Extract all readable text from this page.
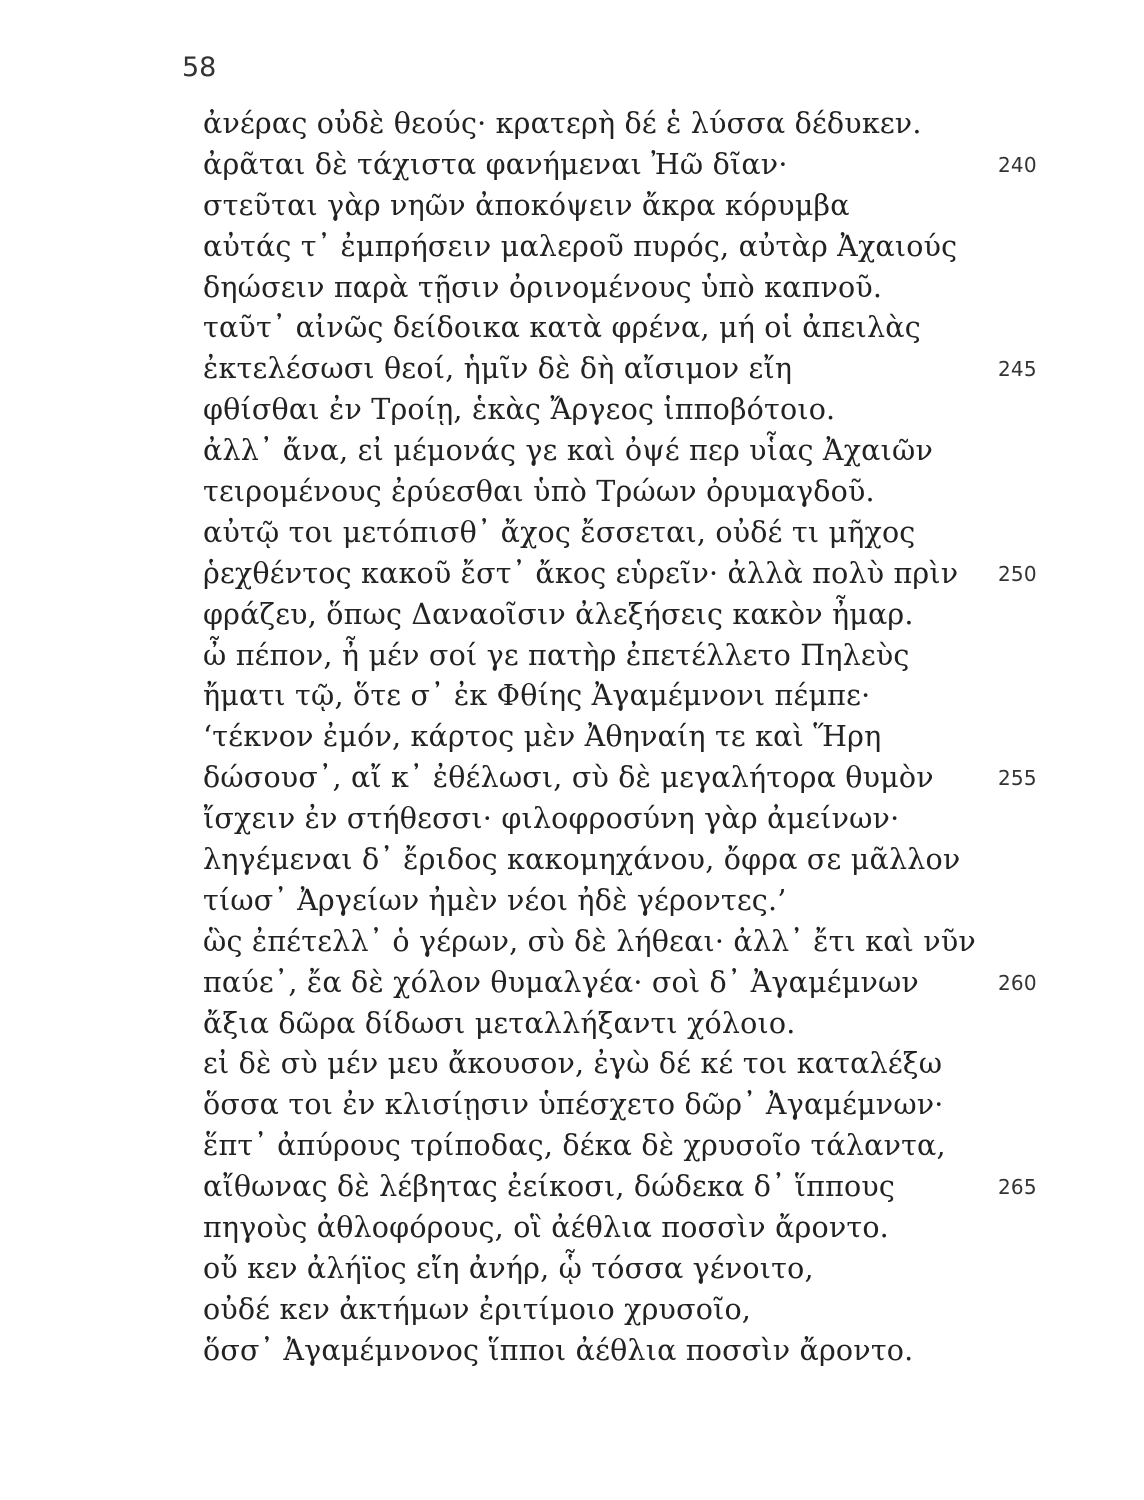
58
ἀνέρας οὐδὲ θεούς· κρατερὴ δέ ἑ λύσσα δέδυκεν.
ἀρᾶται δὲ τάχιστα φανήμεναι Ἠῶ δῖαν·	240
στεῦται γὰρ νηῶν ἀποκόψειν ἄκρα κόρυμβα
αὐτάς τ᾽ ἐμπρήσειν μαλεροῦ πυρός, αὐτὰρ Ἀχαιούς
δηώσειν παρὰ τῇσιν ὀρινομένους ὑπὸ καπνοῦ.
ταῦτ᾽ αἰνῶς δείδοικα κατὰ φρένα, μή οἱ ἀπειλὰς
ἐκτελέσωσι θεοί, ἡμῖν δὲ δὴ αἴσιμον εἴη	245
φθίσθαι ἐν Τροίῃ, ἑκὰς Ἄργεος ἱπποβότοιο.
ἀλλ᾽ ἄνα, εἰ μέμονάς γε καὶ ὀψέ περ υἷας Ἀχαιῶν
τειρομένους ἐρύεσθαι ὑπὸ Τρώων ὀρυμαγδοῦ.
αὐτῷ τοι μετόπισθ᾽ ἄχος ἔσσεται, οὐδέ τι μῆχος
ῥεχθέντος κακοῦ ἔστ᾽ ἄκος εὑρεῖν· ἀλλὰ πολὺ πρὶν 250
φράζευ, ὅπως Δαναοῖσιν ἀλεξήσεις κακὸν ἦμαρ.
ὦ πέπον, ἦ μέν σοί γε πατὴρ ἐπετέλλετο Πηλεὺς
ἤματι τῷ, ὅτε σ᾽ ἐκ Φθίης Ἀγαμέμνονι πέμπε·
‘τέκνον ἐμόν, κάρτος μὲν Ἀθηναίη τε καὶ Ἥρη
δώσουσ᾽, αἴ κ᾽ ἐθέλωσι, σὺ δὲ μεγαλήτορα θυμὸν	255
ἴσχειν ἐν στήθεσσι· φιλοφροσύνη γὰρ ἀμείνων·
ληγέμεναι δ᾽ ἔριδος κακομηχάνου, ὄφρα σε μᾶλλον
τίωσ᾽ Ἀργείων ἠμὲν νέοι ἠδὲ γέροντες.’
ὣς ἐπέτελλ᾽ ὁ γέρων, σὺ δὲ λήθεαι· ἀλλ᾽ ἔτι καὶ νῦν
παύε᾽, ἔα δὲ χόλον θυμαλγέα· σοὶ δ᾽ Ἀγαμέμνων	260
ἄξια δῶρα δίδωσι μεταλλήξαντι χόλοιο.
εἰ δὲ σὺ μέν μευ ἄκουσον, ἐγὼ δέ κέ τοι καταλέξω
ὅσσα τοι ἐν κλισίῃσιν ὑπέσχετο δῶρ᾽ Ἀγαμέμνων·
ἕπτ᾽ ἀπύρους τρίποδας, δέκα δὲ χρυσοῖο τάλαντα,
αἴθωνας δὲ λέβητας ἐείκοσι, δώδεκα δ᾽ ἵππους	265
πηγοὺς ἀθλοφόρους, οἳ ἀέθλια ποσσὶν ἄροντο.
οὔ κεν ἀλήϊος εἴη ἀνήρ, ᾧ τόσσα γένοιτο,
οὐδέ κεν ἀκτήμων ἐριτίμοιο χρυσοῖο,
ὅσσ᾽ Ἀγαμέμνονος ἵπποι ἀέθλια ποσσὶν ἄροντο.
